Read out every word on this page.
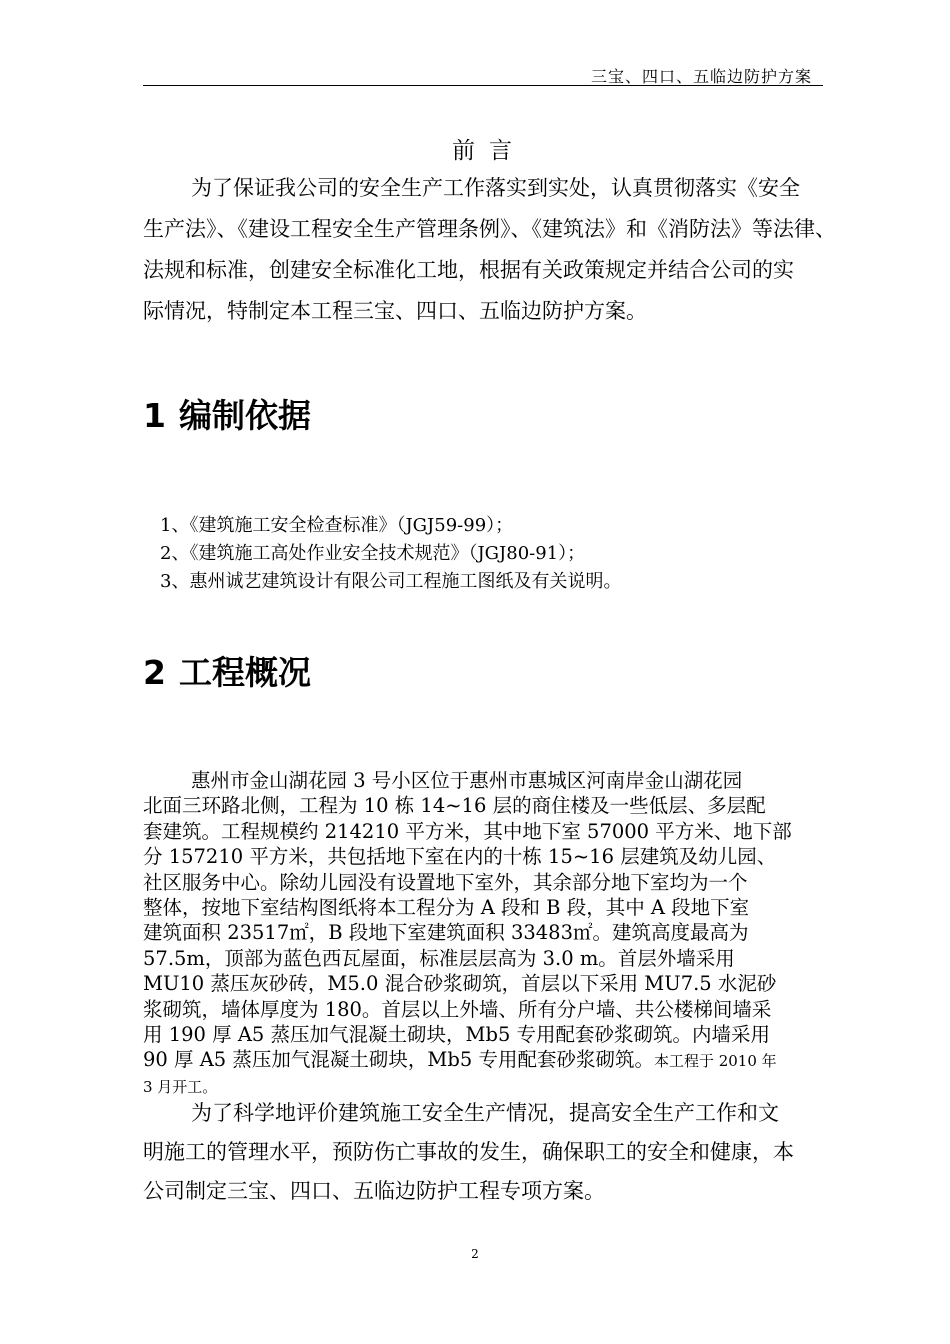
三宝、四口、五临边防护方案
前言
为了保证我公司的安全生产工作落实到实处，认真贯彻落实《安全
生产法》、《建设工程安全生产管理条例》、《建筑法》和《消防法》等法律、
法规和标准，创建安全标准化工地，根据有关政策规定并结合公司的实
际情况，特制定本工程三宝、四口、五临边防护方案。
1 编制依据
1、《建筑施工安全检查标准》（JGJ59-99）；
2、《建筑施工高处作业安全技术规范》（JGJ80-91）；
3、惠州诚艺建筑设计有限公司工程施工图纸及有关说明。
2 工程概况
惠州市金山湖花园 3 号小区位于惠州市惠城区河南岸金山湖花园
北面三环路北侧，工程为 10 栋 14~16 层的商住楼及一些低层、多层配
套建筑。工程规模约 214210 平方米，其中地下室 57000 平方米、地下部
分 157210 平方米，共包括地下室在内的十栋 15~16 层建筑及幼儿园、
社区服务中心。除幼儿园没有设置地下室外，其余部分地下室均为一个
整体，按地下室结构图纸将本工程分为 A 段和 B 段，其中 A 段地下室
建筑面积 23517㎡，B 段地下室建筑面积 33483㎡。建筑高度最高为
57.5m，顶部为蓝色西瓦屋面，标准层层高为 3.0 m。首层外墙采用
MU10 蒸压灰砂砖，M5.0 混合砂浆砌筑，首层以下采用 MU7.5 水泥砂
浆砌筑，墙体厚度为 180。首层以上外墙、所有分户墙、共公楼梯间墙采
用 190 厚 A5 蒸压加气混凝土砌块，Mb5 专用配套砂浆砌筑。内墙采用
90 厚 A5 蒸压加气混凝土砌块，Mb5 专用配套砂浆砌筑。本工程于 2010 年
3 月开工。
为了科学地评价建筑施工安全生产情况，提高安全生产工作和文
明施工的管理水平，预防伤亡事故的发生，确保职工的安全和健康，本
公司制定三宝、四口、五临边防护工程专项方案。
2
